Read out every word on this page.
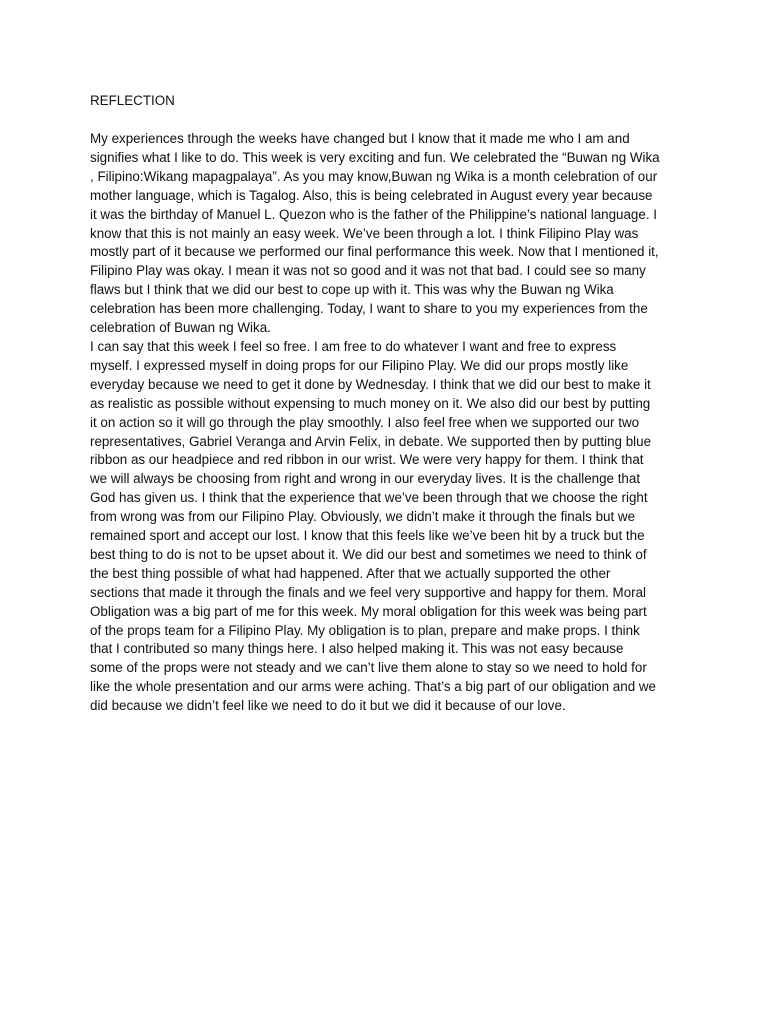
REFLECTION
My experiences through the weeks have changed but I know that it made me who I am and
signifies what I like to do. This week is very exciting and fun. We celebrated the “Buwan ng Wika
, Filipino:Wikang mapagpalaya”. As you may know,Buwan ng Wika is a month celebration of our
mother language, which is Tagalog. Also, this is being celebrated in August every year because
it was the birthday of Manuel L. Quezon who is the father of the Philippine’s national language. I
know that this is not mainly an easy week. We’ve been through a lot. I think Filipino Play was
mostly part of it because we performed our final performance this week. Now that I mentioned it,
Filipino Play was okay. I mean it was not so good and it was not that bad. I could see so many
flaws but I think that we did our best to cope up with it. This was why the Buwan ng Wika
celebration has been more challenging. Today, I want to share to you my experiences from the
celebration of Buwan ng Wika.
I can say that this week I feel so free. I am free to do whatever I want and free to express
myself. I expressed myself in doing props for our Filipino Play. We did our props mostly like
everyday because we need to get it done by Wednesday. I think that we did our best to make it
as realistic as possible without expensing to much money on it. We also did our best by putting
it on action so it will go through the play smoothly. I also feel free when we supported our two
representatives, Gabriel Veranga and Arvin Felix, in debate. We supported then by putting blue
ribbon as our headpiece and red ribbon in our wrist. We were very happy for them. I think that
we will always be choosing from right and wrong in our everyday lives. It is the challenge that
God has given us. I think that the experience that we’ve been through that we choose the right
from wrong was from our Filipino Play. Obviously, we didn’t make it through the finals but we
remained sport and accept our lost. I know that this feels like we’ve been hit by a truck but the
best thing to do is not to be upset about it. We did our best and sometimes we need to think of
the best thing possible of what had happened. After that we actually supported the other
sections that made it through the finals and we feel very supportive and happy for them. Moral
Obligation was a big part of me for this week. My moral obligation for this week was being part
of the props team for a Filipino Play. My obligation is to plan, prepare and make props. I think
that I contributed so many things here. I also helped making it. This was not easy because
some of the props were not steady and we can’t live them alone to stay so we need to hold for
like the whole presentation and our arms were aching. That’s a big part of our obligation and we
did because we didn’t feel like we need to do it but we did it because of our love.
